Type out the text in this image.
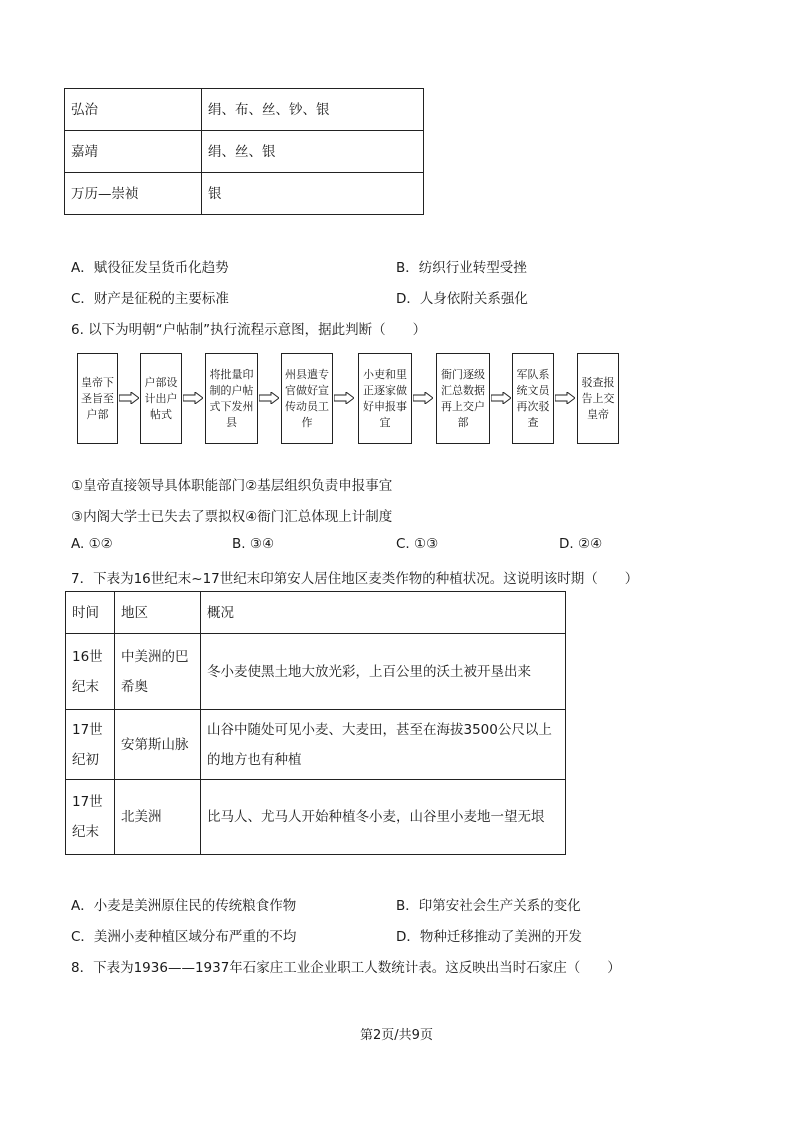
弘治	绢、布、丝、钞、银
嘉靖	绢、丝、银
万历—崇祯	银
A．赋役征发呈货币化趋势	B．纺织行业转型受挫
C．财产是征税的主要标准	D．人身依附关系强化
6. 以下为明朝“户帖制”执行流程示意图，据此判断（　　）
皇帝下圣旨至户部
户部设计出户帖式
将批量印制的户帖式下发州县
州县遣专官做好宣传动员工作
小吏和里正逐家做好申报事宜
衙门逐级汇总数据再上交户部
军队系统文员再次驳查
驳查报告上交皇帝
①皇帝直接领导具体职能部门②基层组织负责申报事宜
③内阁大学士已失去了票拟权④衙门汇总体现上计制度
A. ①②	B. ③④	C. ①③	D. ②④
7．下表为16世纪末~17世纪末印第安人居住地区麦类作物的种植状况。这说明该时期（　　）
时间	地区	概况
16世纪末	中美洲的巴希奥	冬小麦使黑土地大放光彩，上百公里的沃土被开垦出来
17世纪初	安第斯山脉	山谷中随处可见小麦、大麦田，甚至在海拔3500公尺以上的地方也有种植
17世纪末	北美洲	比马人、尤马人开始种植冬小麦，山谷里小麦地一望无垠
A．小麦是美洲原住民的传统粮食作物	B．印第安社会生产关系的变化
C．美洲小麦种植区域分布严重的不均	D．物种迁移推动了美洲的开发
8．下表为1936——1937年石家庄工业企业职工人数统计表。这反映出当时石家庄（　　）
第2页/共9页
